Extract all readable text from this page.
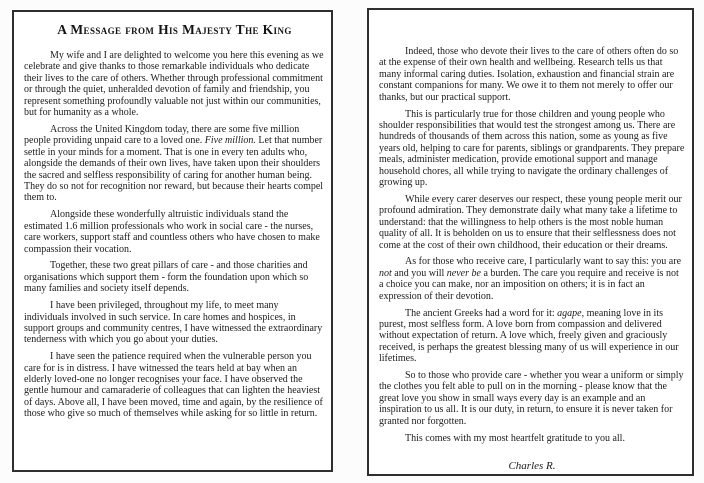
A Message from His Majesty The King

My wife and I are delighted to welcome you here this evening as we celebrate and give thanks to those remarkable individuals who dedicate their lives to the care of others. Whether through professional commitment or through the quiet, unheralded devotion of family and friendship, you represent something profoundly valuable not just within our communities, but for humanity as a whole.

Across the United Kingdom today, there are some five million people providing unpaid care to a loved one. Five million. Let that number settle in your minds for a moment. That is one in every ten adults who, alongside the demands of their own lives, have taken upon their shoulders the sacred and selfless responsibility of caring for another human being. They do so not for recognition nor reward, but because their hearts compel them to.

Alongside these wonderfully altruistic individuals stand the estimated 1.6 million professionals who work in social care - the nurses, care workers, support staff and countless others who have chosen to make compassion their vocation.

Together, these two great pillars of care - and those charities and organisations which support them - form the foundation upon which so many families and society itself depends.

I have been privileged, throughout my life, to meet many individuals involved in such service. In care homes and hospices, in support groups and community centres, I have witnessed the extraordinary tenderness with which you go about your duties.

I have seen the patience required when the vulnerable person you care for is in distress. I have witnessed the tears held at bay when an elderly loved-one no longer recognises your face. I have observed the gentle humour and camaraderie of colleagues that can lighten the heaviest of days. Above all, I have been moved, time and again, by the resilience of those who give so much of themselves while asking for so little in return.

Indeed, those who devote their lives to the care of others often do so at the expense of their own health and wellbeing. Research tells us that many informal caring duties. Isolation, exhaustion and financial strain are constant companions for many. We owe it to them not merely to offer our thanks, but our practical support.

This is particularly true for those children and young people who shoulder responsibilities that would test the strongest among us. There are hundreds of thousands of them across this nation, some as young as five years old, helping to care for parents, siblings or grandparents. They prepare meals, administer medication, provide emotional support and manage household chores, all while trying to navigate the ordinary challenges of growing up.

While every carer deserves our respect, these young people merit our profound admiration. They demonstrate daily what many take a lifetime to understand: that the willingness to help others is the most noble human quality of all. It is beholden on us to ensure that their selflessness does not come at the cost of their own childhood, their education or their dreams.

As for those who receive care, I particularly want to say this: you are not and you will never be a burden. The care you require and receive is not a choice you can make, nor an imposition on others; it is in fact an expression of their devotion.

The ancient Greeks had a word for it: agape, meaning love in its purest, most selfless form. A love born from compassion and delivered without expectation of return. A love which, freely given and graciously received, is perhaps the greatest blessing many of us will experience in our lifetimes.

So to those who provide care - whether you wear a uniform or simply the clothes you felt able to pull on in the morning - please know that the great love you show in small ways every day is an example and an inspiration to us all. It is our duty, in return, to ensure it is never taken for granted nor forgotten.

This comes with my most heartfelt gratitude to you all.

Charles R.
